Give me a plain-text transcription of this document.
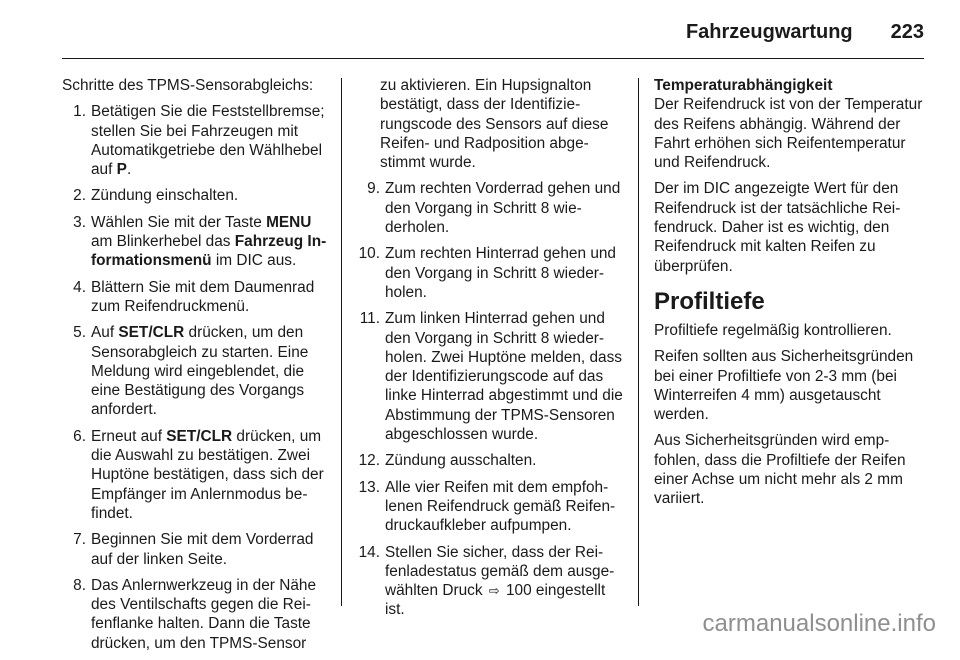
Fahrzeugwartung 223

Schritte des TPMS-Sensorabgleichs:

1. Betätigen Sie die Feststellbremse; stellen Sie bei Fahrzeugen mit Automatikgetriebe den Wählhebel auf P.
2. Zündung einschalten.
3. Wählen Sie mit der Taste MENU am Blinkerhebel das Fahrzeug Informationsmenü im DIC aus.
4. Blättern Sie mit dem Daumenrad zum Reifendruckmenü.
5. Auf SET/CLR drücken, um den Sensorabgleich zu starten. Eine Meldung wird eingeblendet, die eine Bestätigung des Vorgangs anfordert.
6. Erneut auf SET/CLR drücken, um die Auswahl zu bestätigen. Zwei Huptöne bestätigen, dass sich der Empfänger im Anlernmodus befindet.
7. Beginnen Sie mit dem Vorderrad auf der linken Seite.
8. Das Anlernwerkzeug in der Nähe des Ventilschafts gegen die Reifenflanke halten. Dann die Taste drücken, um den TPMS-Sensor
zu aktivieren. Ein Hupsignalton bestätigt, dass der Identifizierungscode des Sensors auf diese Reifen- und Radposition abgestimmt wurde.
9. Zum rechten Vorderrad gehen und den Vorgang in Schritt 8 wiederholen.
10. Zum rechten Hinterrad gehen und den Vorgang in Schritt 8 wiederholen.
11. Zum linken Hinterrad gehen und den Vorgang in Schritt 8 wiederholen. Zwei Huptöne melden, dass der Identifizierungscode auf das linke Hinterrad abgestimmt und die Abstimmung der TPMS-Sensoren abgeschlossen wurde.
12. Zündung ausschalten.
13. Alle vier Reifen mit dem empfohlenen Reifendruck gemäß Reifendruckaufkleber aufpumpen.
14. Stellen Sie sicher, dass der Reifenladestatus gemäß dem ausgewählten Druck ⇨ 100 eingestellt ist.
Temperaturabhängigkeit

Der Reifendruck ist von der Temperatur des Reifens abhängig. Während der Fahrt erhöhen sich Reifentemperatur und Reifendruck.

Der im DIC angezeigte Wert für den Reifendruck ist der tatsächliche Reifendruck. Daher ist es wichtig, den Reifendruck mit kalten Reifen zu überprüfen.

Profiltiefe

Profiltiefe regelmäßig kontrollieren.

Reifen sollten aus Sicherheitsgründen bei einer Profiltiefe von 2-3 mm (bei Winterreifen 4 mm) ausgetauscht werden.

Aus Sicherheitsgründen wird empfohlen, dass die Profiltiefe der Reifen einer Achse um nicht mehr als 2 mm variiert.

carmanualsonline.info
